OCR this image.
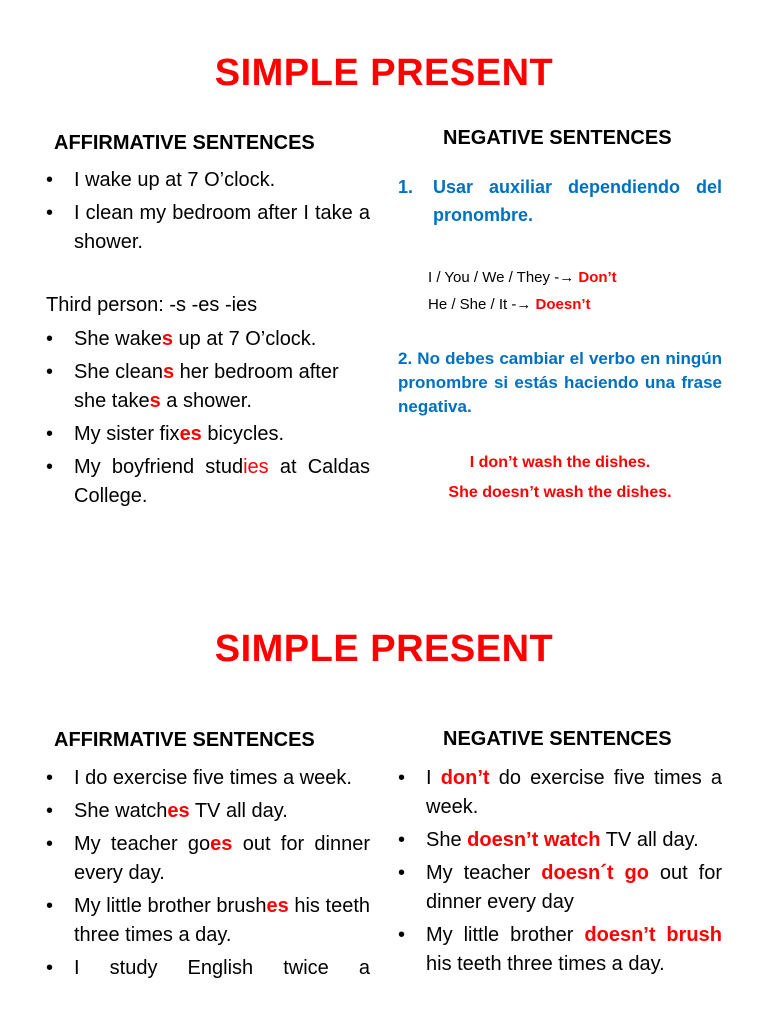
SIMPLE PRESENT
AFFIRMATIVE SENTENCES	NEGATIVE SENTENCES
• I wake up at 7 O’clock.
• I clean my bedroom after I take a shower.
Third person: -s -es -ies
• She wakes up at 7 O’clock.
• She cleans her bedroom after
she takes a shower.
• My sister fixes bicycles.
• My boyfriend studies at Caldas College.
1.	Usar auxiliar dependiendo del pronombre.
I / You / We / They -→ Don’t
He / She / It -→ Doesn’t
2. No debes cambiar el verbo en ningún pronombre si estás haciendo una frase negativa.
I don’t wash the dishes.
She doesn’t wash the dishes.
SIMPLE PRESENT
AFFIRMATIVE SENTENCES	NEGATIVE SENTENCES
• I do exercise five times a week.
• She watches TV all day.
• My teacher goes out for dinner every day.
• My little brother brushes his teeth three times a day.
• I study English twice a
• I don’t do exercise five times a week.
• She doesn’t watch TV all day.
• My teacher doesn´t go out for dinner every day
• My little brother doesn’t brush his teeth three times a day.
